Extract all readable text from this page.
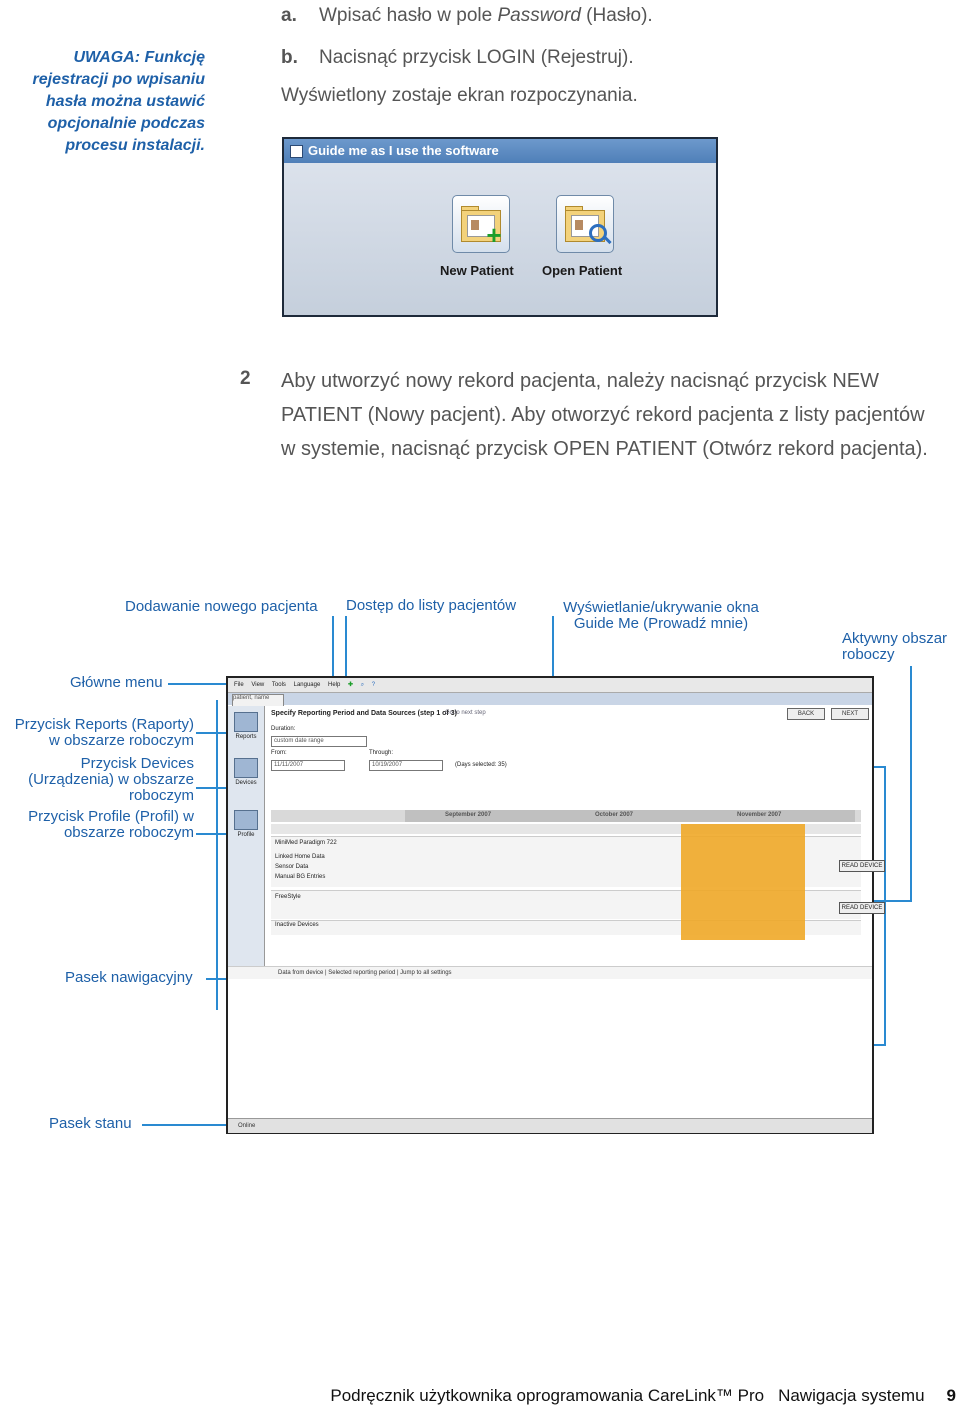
UWAGA: Funkcję rejestracji po wpisaniu hasła można ustawić opcjonalnie podczas procesu instalacji.
a. Wpisać hasło w pole Password (Hasło).
b. Nacisnąć przycisk LOGIN (Rejestruj).
Wyświetlony zostaje ekran rozpoczynania.
Guide me as I use the software
+
New Patient Open Patient
2 Aby utworzyć nowy rekord pacjenta, należy nacisnąć przycisk NEW PATIENT (Nowy pacjent). Aby otworzyć rekord pacjenta z listy pacjentów w systemie, nacisnąć przycisk OPEN PATIENT (Otwórz rekord pacjenta).
Dodawanie nowego pacjenta Dostęp do listy pacjentów	Wyświetlanie/ukrywanie okna Guide Me (Prowadź mnie)
Aktywny obszar roboczy
Główne menu
Przycisk Reports (Raporty) w obszarze roboczym
Przycisk Devices (Urządzenia) w obszarze roboczym
Przycisk Profile (Profil) w obszarze roboczym
Pasek nawigacyjny
Pasek stanu
File View Tools Language Help ✚ ⌕ ?
patient, name
Reports
Devices
Profile
Specify Reporting Period and Data Sources (step 1 of 3)
Go to next step	BACK	NEXT
Duration:
custom date range
From:
11/11/2007
Through:
10/19/2007	(Days selected: 35)
September 2007	October 2007	November 2007
MiniMed Paradigm 722
Linked Home Data
Sensor Data
Manual BG Entries
FreeStyle
Inactive Devices
READ DEVICE
READ DEVICE
Data from device | Selected reporting period | Jump to all settings
Online
Podręcznik użytkownika oprogramowania CareLink™ Pro Nawigacja systemu 9
